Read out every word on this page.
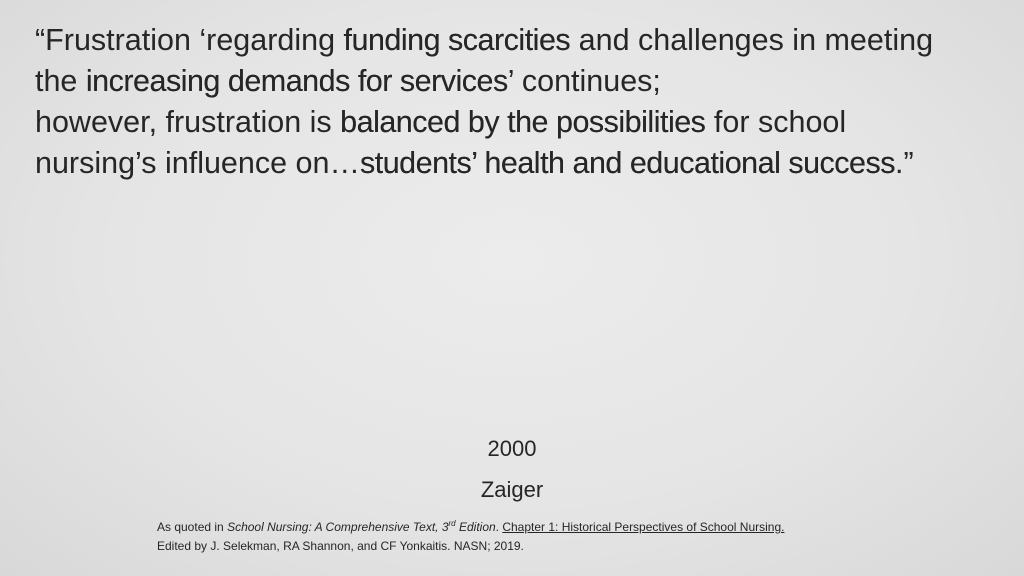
“Frustration ‘regarding funding scarcities and challenges in meeting the increasing demands for services’ continues;
however, frustration is balanced by the possibilities for school nursing’s influence on…students’ health and educational success.”
2000
Zaiger
As quoted in School Nursing: A Comprehensive Text, 3rd Edition. Chapter 1: Historical Perspectives of School Nursing.
Edited by J. Selekman, RA Shannon, and CF Yonkaitis. NASN; 2019.
